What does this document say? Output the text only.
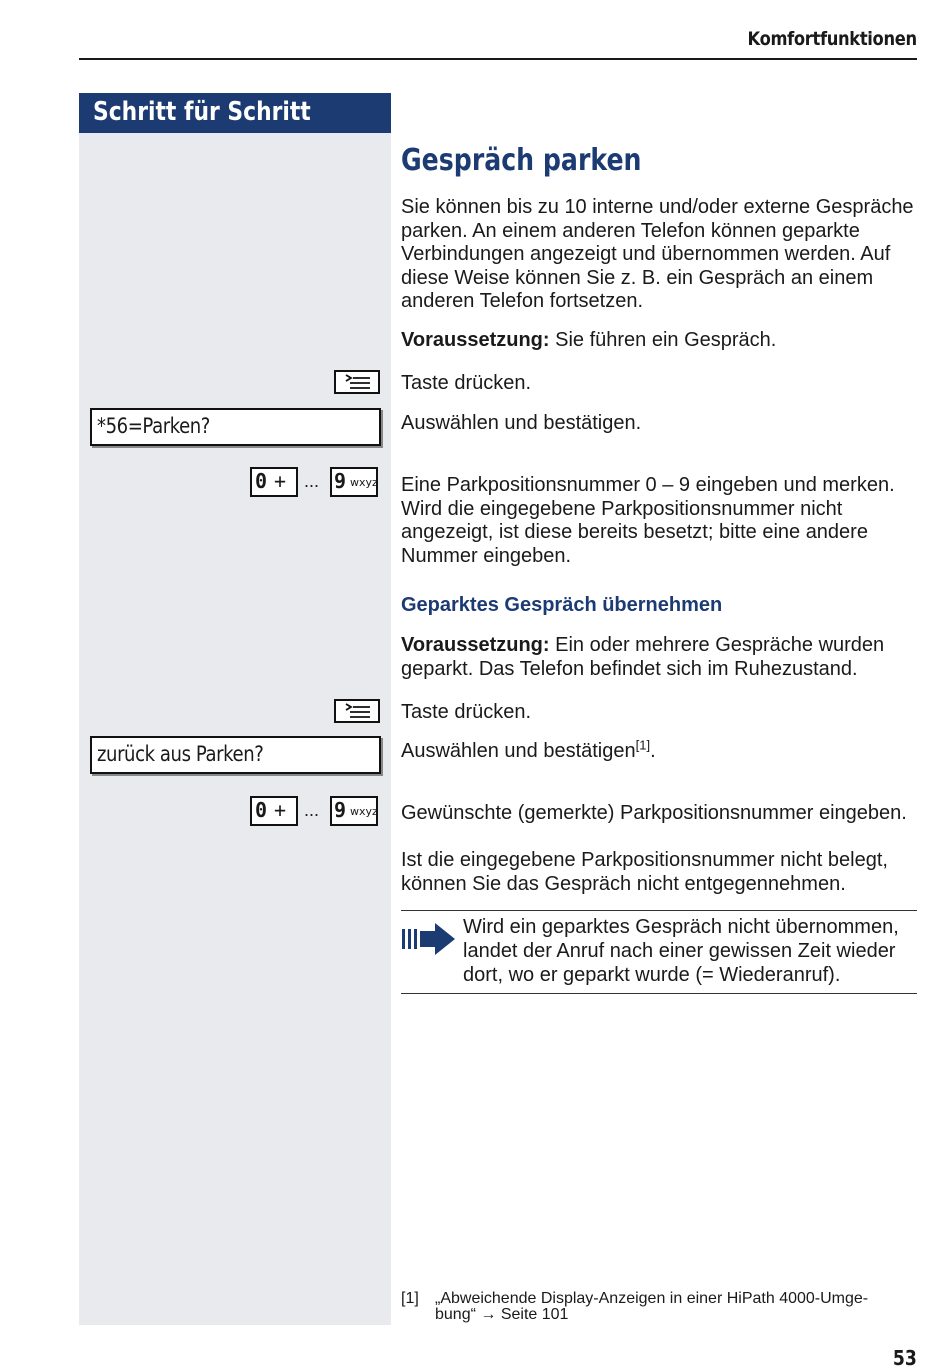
Komfortfunktionen
Schritt für Schritt
Gespräch parken
Sie können bis zu 10 interne und/oder externe Gespräche parken. An einem anderen Telefon können geparkte Verbindungen angezeigt und übernommen werden. Auf diese Weise können Sie z. B. ein Gespräch an einem anderen Telefon fortsetzen.
Voraussetzung: Sie führen ein Gespräch.
Taste drücken.
*56=Parken?	Auswählen und bestätigen.
0 + ... 9 wxyz Eine Parkpositionsnummer 0 – 9 eingeben und merken. Wird die eingegebene Parkpositionsnummer nicht angezeigt, ist diese bereits besetzt; bitte eine andere Nummer eingeben.
Geparktes Gespräch übernehmen
Voraussetzung: Ein oder mehrere Gespräche wurden geparkt. Das Telefon befindet sich im Ruhezustand.
Taste drücken.
zurück aus Parken?	Auswählen und bestätigen[1].
0 + ... 9 wxyz Gewünschte (gemerkte) Parkpositionsnummer eingeben.
Ist die eingegebene Parkpositionsnummer nicht belegt, können Sie das Gespräch nicht entgegennehmen.
Wird ein geparktes Gespräch nicht übernommen, landet der Anruf nach einer gewissen Zeit wieder dort, wo er geparkt wurde (= Wiederanruf).
[1] „Abweichende Display-Anzeigen in einer HiPath 4000-Umge-
bung“ → Seite 101
53
